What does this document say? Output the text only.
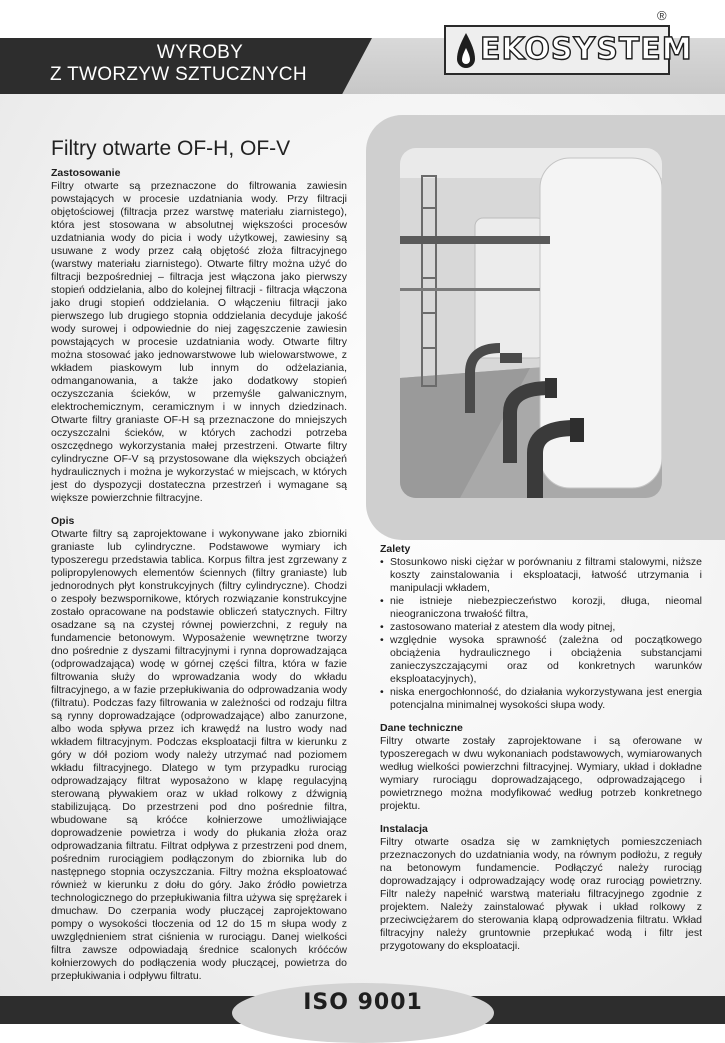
WYROBY
Z TWORZYW SZTUCZNYCH
EKOSYSTEM
®
Filtry otwarte OF-H, OF-V

Zastosowanie

Filtry otwarte są przeznaczone do filtrowania zawiesin powstających w procesie uzdatniania wody. Przy filtracji objętościowej (filtracja przez warstwę materiału ziarnistego), która jest stosowana w absolutnej większości procesów uzdatniania wody do picia i wody użytkowej, zawiesiny są usuwane z wody przez całą objętość złoża filtracyjnego (warstwy materiału ziarnistego). Otwarte filtry można użyć do filtracji bezpośredniej – filtracja jest włączona jako pierwszy stopień oddzielania, albo do kolejnej filtracji - filtracja włączona jako drugi stopień oddzielania. O włączeniu filtracji jako pierwszego lub drugiego stopnia oddzielania decyduje jakość wody surowej i odpowiednie do niej zagęszczenie zawiesin powstających w procesie uzdatniania wody. Otwarte filtry można stosować jako jednowarstwowe lub wielowarstwowe, z wkładem piaskowym lub innym do odżelaziania, odmanganowania, a także jako dodatkowy stopień oczyszczania ścieków, w przemyśle galwanicznym, elektrochemicznym, ceramicznym i w innych dziedzinach. Otwarte filtry graniaste OF-H są przeznaczone do mniejszych oczyszczalni ścieków, w których zachodzi potrzeba oszczędnego wykorzystania małej przestrzeni. Otwarte filtry cylindryczne OF-V są przystosowane dla większych obciążeń hydraulicznych i można je wykorzystać w miejscach, w których jest do dyspozycji dostateczna przestrzeń i wymagane są większe powierzchnie filtracyjne.

Opis

Otwarte filtry są zaprojektowane i wykonywane jako zbiorniki graniaste lub cylindryczne. Podstawowe wymiary ich typoszeregu przedstawia tablica. Korpus filtra jest zgrzewany z polipropylenowych elementów ściennych (filtry graniaste) lub jednorodnych płyt konstrukcyjnych (filtry cylindryczne). Chodzi o zespoły bezwspornikowe, których rozwiązanie konstrukcyjne zostało opracowane na podstawie obliczeń statycznych. Filtry osadzane są na czystej równej powierzchni, z reguły na fundamencie betonowym. Wyposażenie wewnętrzne tworzy dno pośrednie z dyszami filtracyjnymi i rynna doprowadzająca (odprowadzająca) wodę w górnej części filtra, która w fazie filtrowania służy do wprowadzania wody do wkładu filtracyjnego, a w fazie przepłukiwania do odprowadzania wody (filtratu). Podczas fazy filtrowania w zależności od rodzaju filtra są rynny doprowadzające (odprowadzające) albo zanurzone, albo woda spływa przez ich krawędź na lustro wody nad wkładem filtracyjnym. Podczas eksploatacji filtra w kierunku z góry w dół poziom wody należy utrzymać nad poziomem wkładu filtracyjnego. Dlatego w tym przypadku rurociąg odprowadzający filtrat wyposażono w klapę regulacyjną sterowaną pływakiem oraz w układ rolkowy z dźwignią stabilizującą. Do przestrzeni pod dno pośrednie filtra, wbudowane są króćce kołnierzowe umożliwiające doprowadzenie powietrza i wody do płukania złoża oraz odprowadzania filtratu. Filtrat odpływa z przestrzeni pod dnem, pośrednim rurociągiem podłączonym do zbiornika lub do następnego stopnia oczyszczania. Filtry można eksploatować również w kierunku z dołu do góry. Jako źródło powietrza technologicznego do przepłukiwania filtra używa się sprężarek i dmuchaw. Do czerpania wody płuczącej zaprojektowano pompy o wysokości tłoczenia od 12 do 15 m słupa wody z uwzględnieniem strat ciśnienia w rurociągu. Danej wielkości filtra zawsze odpowiadają średnice scalonych króćców kołnierzowych do podłączenia wody płuczącej, powietrza do przepłukiwania i odpływu filtratu.

Zalety

• Stosunkowo niski ciężar w porównaniu z filtrami stalowymi, niższe koszty zainstalowania i eksploatacji, łatwość utrzymania i manipulacji wkładem,
• nie istnieje niebezpieczeństwo korozji, długa, nieomal nieograniczona trwałość filtra,
• zastosowano materiał z atestem dla wody pitnej,
• względnie wysoka sprawność (zależna od początkowego obciążenia hydraulicznego i obciążenia substancjami zanieczyszczającymi oraz od konkretnych warunków eksploatacyjnych),
• niska energochłonność, do działania wykorzystywana jest energia potencjalna minimalnej wysokości słupa wody.

Dane techniczne

Filtry otwarte zostały zaprojektowane i są oferowane w typoszeregach w dwu wykonaniach podstawowych, wymiarowanych według wielkości powierzchni filtracyjnej. Wymiary, układ i dokładne wymiary rurociągu doprowadzającego, odprowadzającego i powietrznego można modyfikować według potrzeb konkretnego projektu.

Instalacja

Filtry otwarte osadza się w zamkniętych pomieszczeniach przeznaczonych do uzdatniania wody, na równym podłożu, z reguły na betonowym fundamencie. Podłączyć należy rurociąg doprowadzający i odprowadzający wodę oraz rurociąg powietrzny. Filtr należy napełnić warstwą materiału filtracyjnego zgodnie z projektem. Należy zainstalować pływak i układ rolkowy z przeciwciężarem do sterowania klapą odprowadzenia filtratu. Wkład filtracyjny należy gruntownie przepłukać wodą i filtr jest przygotowany do eksploatacji.

ISO 9001
